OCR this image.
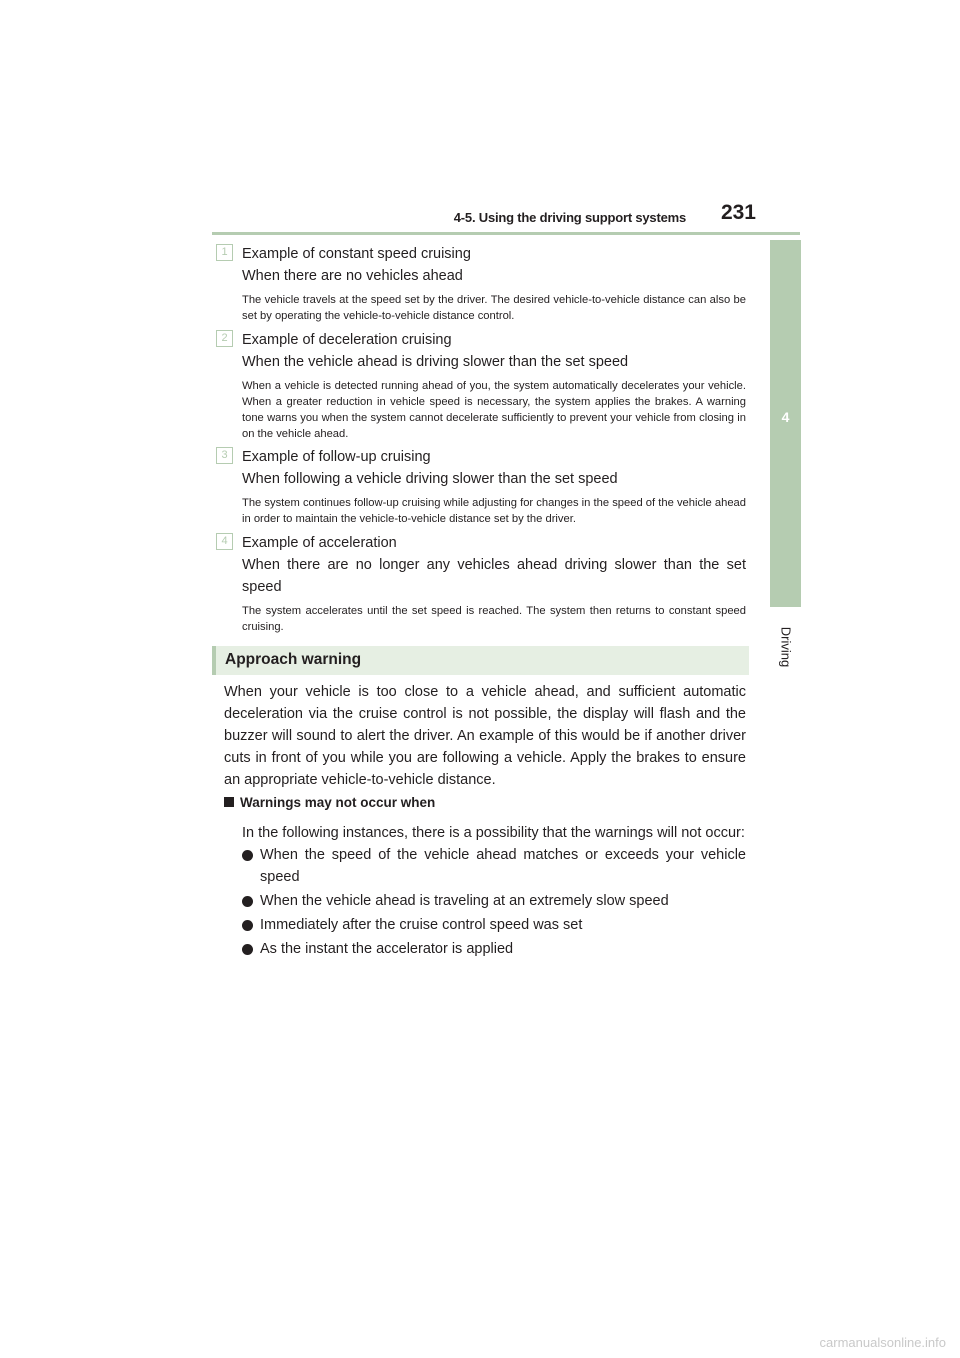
4-5. Using the driving support systems 231
4
Driving
1 Example of constant speed cruising
When there are no vehicles ahead
The vehicle travels at the speed set by the driver. The desired vehicle-to-vehicle distance can also be set by operating the vehicle-to-vehicle distance control.
2 Example of deceleration cruising
When the vehicle ahead is driving slower than the set speed
When a vehicle is detected running ahead of you, the system automatically decelerates your vehicle. When a greater reduction in vehicle speed is necessary, the system applies the brakes. A warning tone warns you when the system cannot decelerate sufficiently to prevent your vehicle from closing in on the vehicle ahead.
3 Example of follow-up cruising
When following a vehicle driving slower than the set speed
The system continues follow-up cruising while adjusting for changes in the speed of the vehicle ahead in order to maintain the vehicle-to-vehicle distance set by the driver.
4 Example of acceleration
When there are no longer any vehicles ahead driving slower than the set speed
The system accelerates until the set speed is reached. The system then returns to constant speed cruising.
Approach warning
When your vehicle is too close to a vehicle ahead, and sufficient automatic deceleration via the cruise control is not possible, the display will flash and the buzzer will sound to alert the driver. An example of this would be if another driver cuts in front of you while you are following a vehicle. Apply the brakes to ensure an appropriate vehicle-to-vehicle distance.
Warnings may not occur when
In the following instances, there is a possibility that the warnings will not occur:
When the speed of the vehicle ahead matches or exceeds your vehicle speed
When the vehicle ahead is traveling at an extremely slow speed
Immediately after the cruise control speed was set
As the instant the accelerator is applied
carmanualsonline.info
